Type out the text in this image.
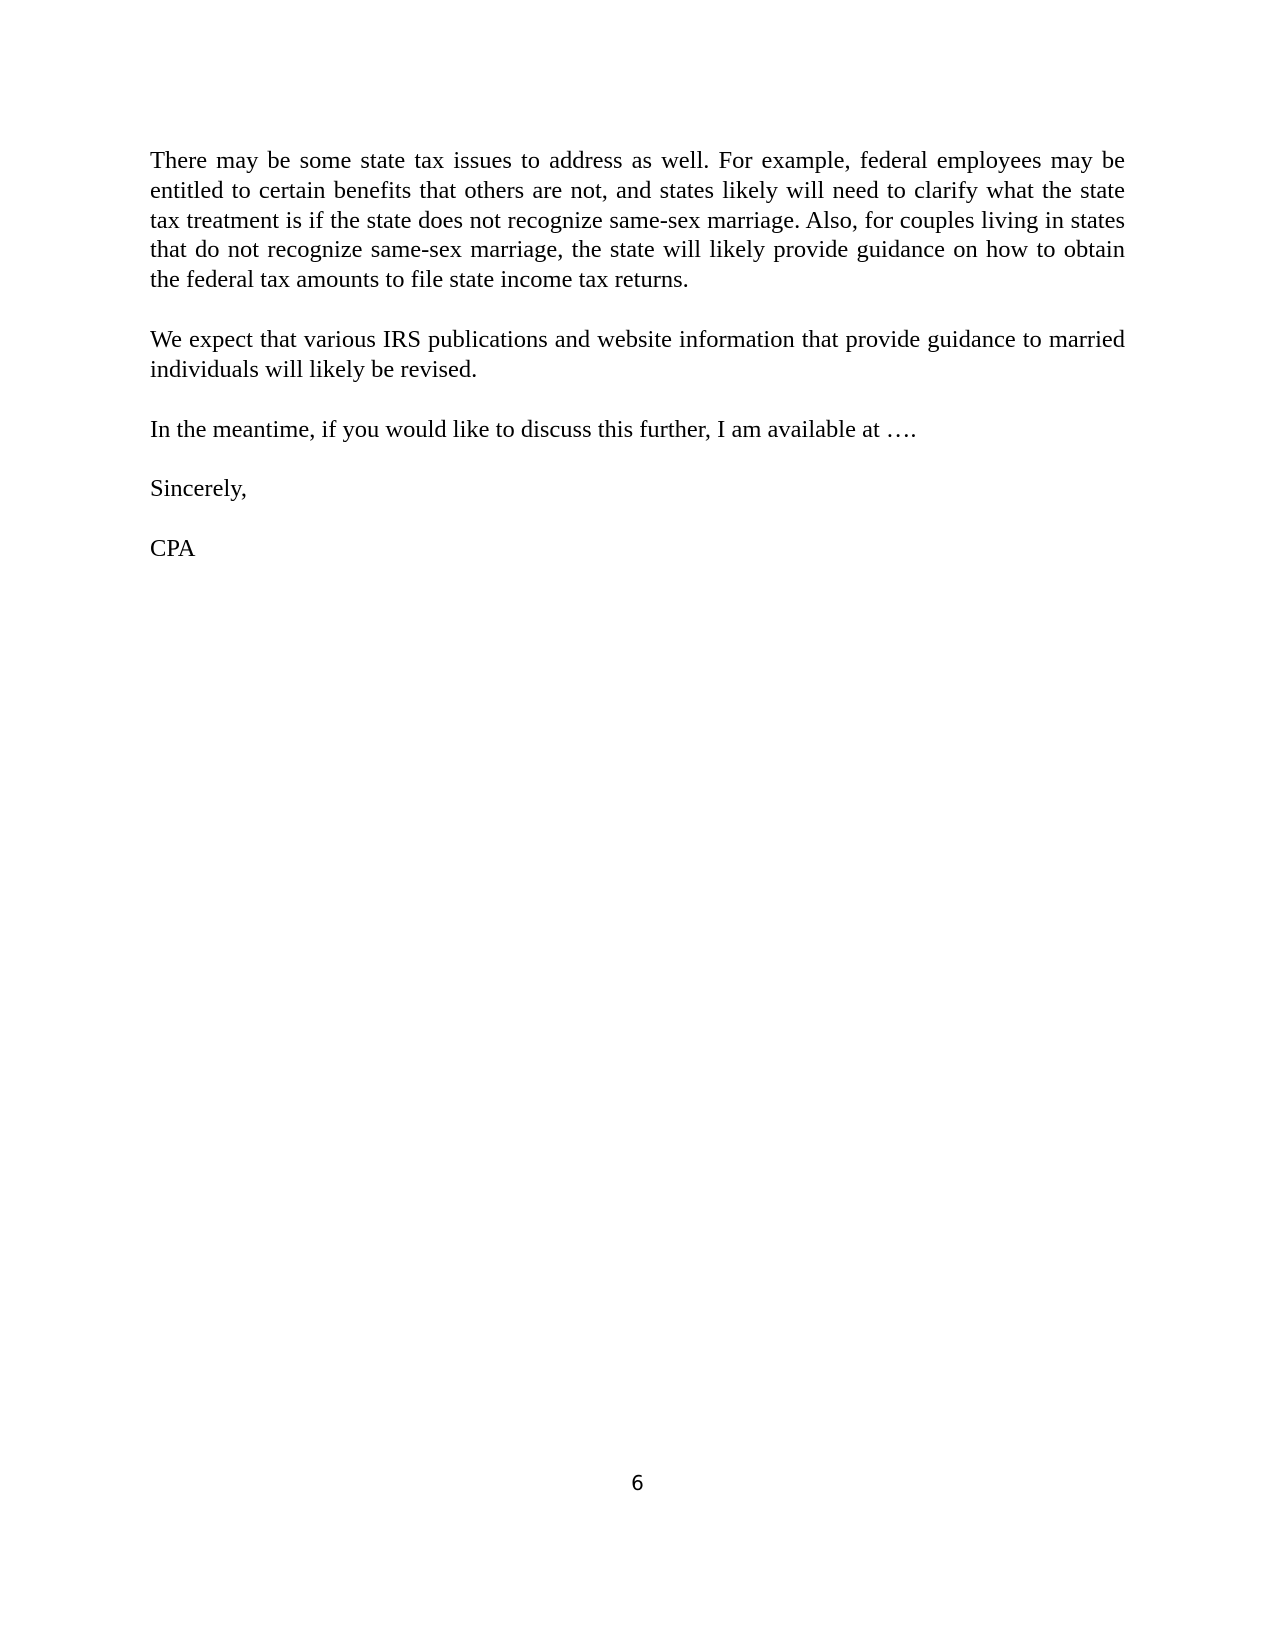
There may be some state tax issues to address as well. For example, federal employees may be entitled to certain benefits that others are not, and states likely will need to clarify what the state tax treatment is if the state does not recognize same-sex marriage. Also, for couples living in states that do not recognize same-sex marriage, the state will likely provide guidance on how to obtain the federal tax amounts to file state income tax returns.

We expect that various IRS publications and website information that provide guidance to married individuals will likely be revised.

In the meantime, if you would like to discuss this further, I am available at ….

Sincerely,

CPA

6
